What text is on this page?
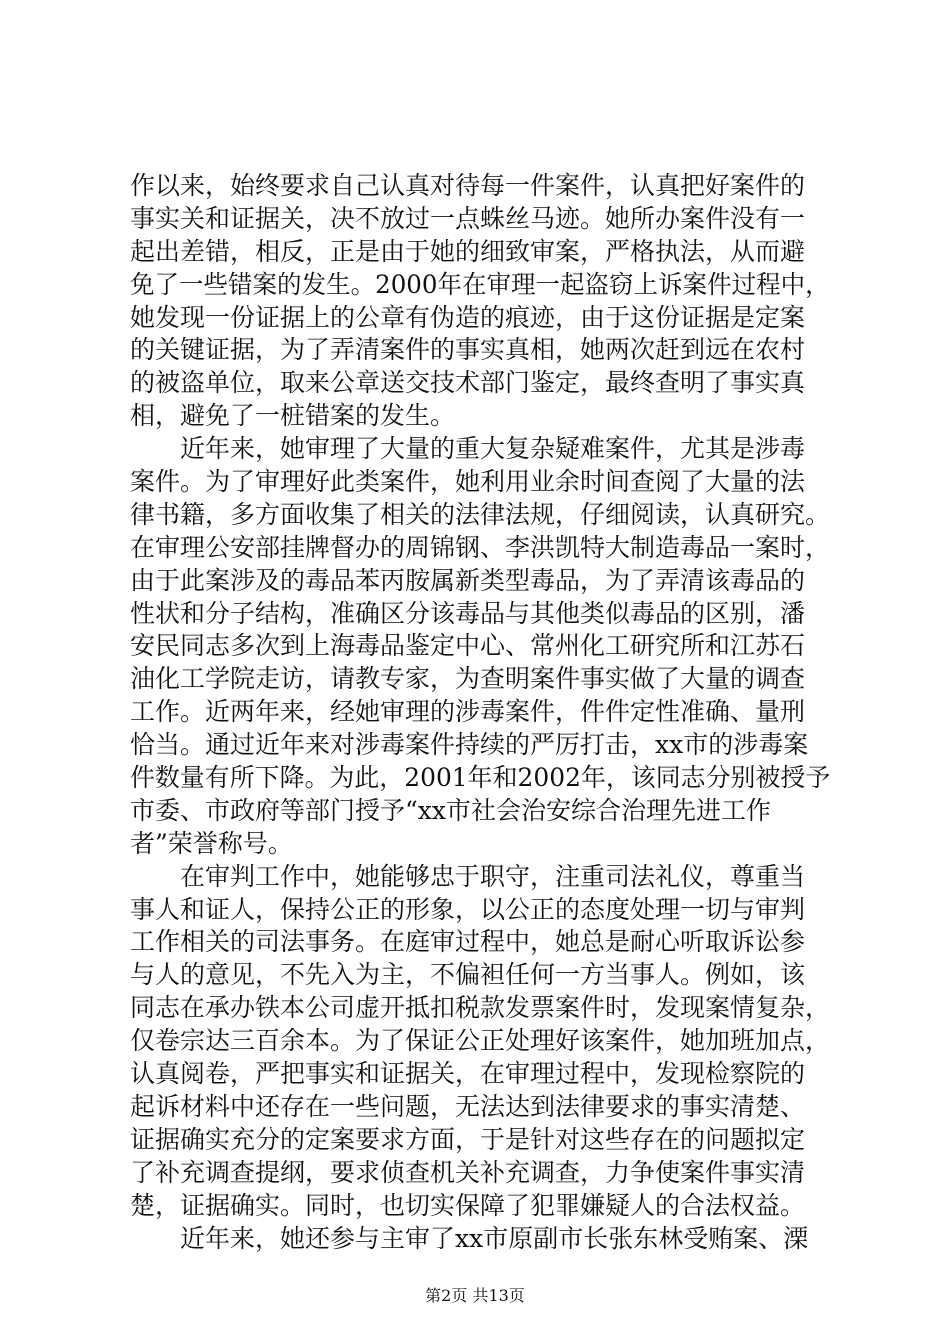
作以来，始终要求自己认真对待每一件案件，认真把好案件的
事实关和证据关，决不放过一点蛛丝马迹。她所办案件没有一
起出差错，相反，正是由于她的细致审案，严格执法，从而避
免了一些错案的发生。2000年在审理一起盗窃上诉案件过程中，
她发现一份证据上的公章有伪造的痕迹，由于这份证据是定案
的关键证据，为了弄清案件的事实真相，她两次赶到远在农村
的被盗单位，取来公章送交技术部门鉴定，最终查明了事实真
相，避免了一桩错案的发生。
　　近年来，她审理了大量的重大复杂疑难案件，尤其是涉毒
案件。为了审理好此类案件，她利用业余时间查阅了大量的法
律书籍，多方面收集了相关的法律法规，仔细阅读，认真研究。
在审理公安部挂牌督办的周锦钢、李洪凯特大制造毒品一案时，
由于此案涉及的毒品苯丙胺属新类型毒品，为了弄清该毒品的
性状和分子结构，准确区分该毒品与其他类似毒品的区别，潘
安民同志多次到上海毒品鉴定中心、常州化工研究所和江苏石
油化工学院走访，请教专家，为查明案件事实做了大量的调查
工作。近两年来，经她审理的涉毒案件，件件定性准确、量刑
恰当。通过近年来对涉毒案件持续的严厉打击，xx市的涉毒案
件数量有所下降。为此，2001年和2002年，该同志分别被授予
市委、市政府等部门授予“xx市社会治安综合治理先进工作
者”荣誉称号。
　　在审判工作中，她能够忠于职守，注重司法礼仪，尊重当
事人和证人，保持公正的形象，以公正的态度处理一切与审判
工作相关的司法事务。在庭审过程中，她总是耐心听取诉讼参
与人的意见，不先入为主，不偏袒任何一方当事人。例如，该
同志在承办铁本公司虚开抵扣税款发票案件时，发现案情复杂，
仅卷宗达三百余本。为了保证公正处理好该案件，她加班加点，
认真阅卷，严把事实和证据关，在审理过程中，发现检察院的
起诉材料中还存在一些问题，无法达到法律要求的事实清楚、
证据确实充分的定案要求方面，于是针对这些存在的问题拟定
了补充调查提纲，要求侦查机关补充调查，力争使案件事实清
楚，证据确实。同时，也切实保障了犯罪嫌疑人的合法权益。
　　近年来，她还参与主审了xx市原副市长张东林受贿案、溧
第2页 共13页
